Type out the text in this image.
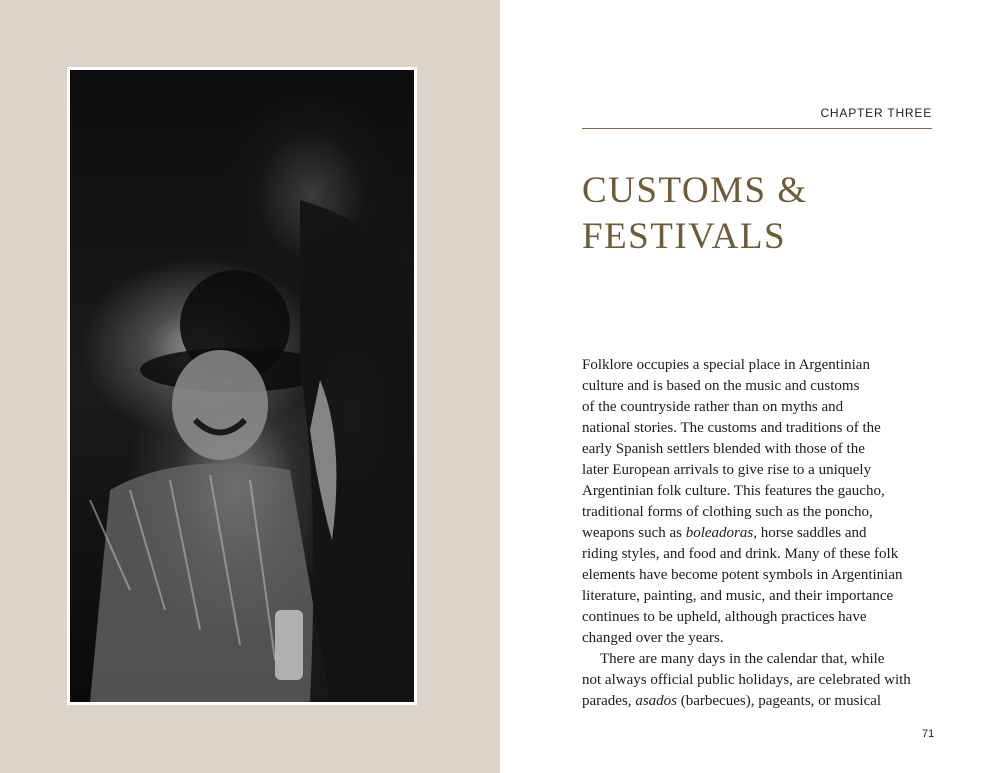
CHAPTER THREE
CUSTOMS &
FESTIVALS
Folklore occupies a special place in Argentinian
culture and is based on the music and customs
of the countryside rather than on myths and
national stories. The customs and traditions of the
early Spanish settlers blended with those of the
later European arrivals to give rise to a uniquely
Argentinian folk culture. This features the gaucho,
traditional forms of clothing such as the poncho,
weapons such as boleadoras, horse saddles and
riding styles, and food and drink. Many of these folk
elements have become potent symbols in Argentinian
literature, painting, and music, and their importance
continues to be upheld, although practices have
changed over the years.
There are many days in the calendar that, while
not always official public holidays, are celebrated with
parades, asados (barbecues), pageants, or musical
71
